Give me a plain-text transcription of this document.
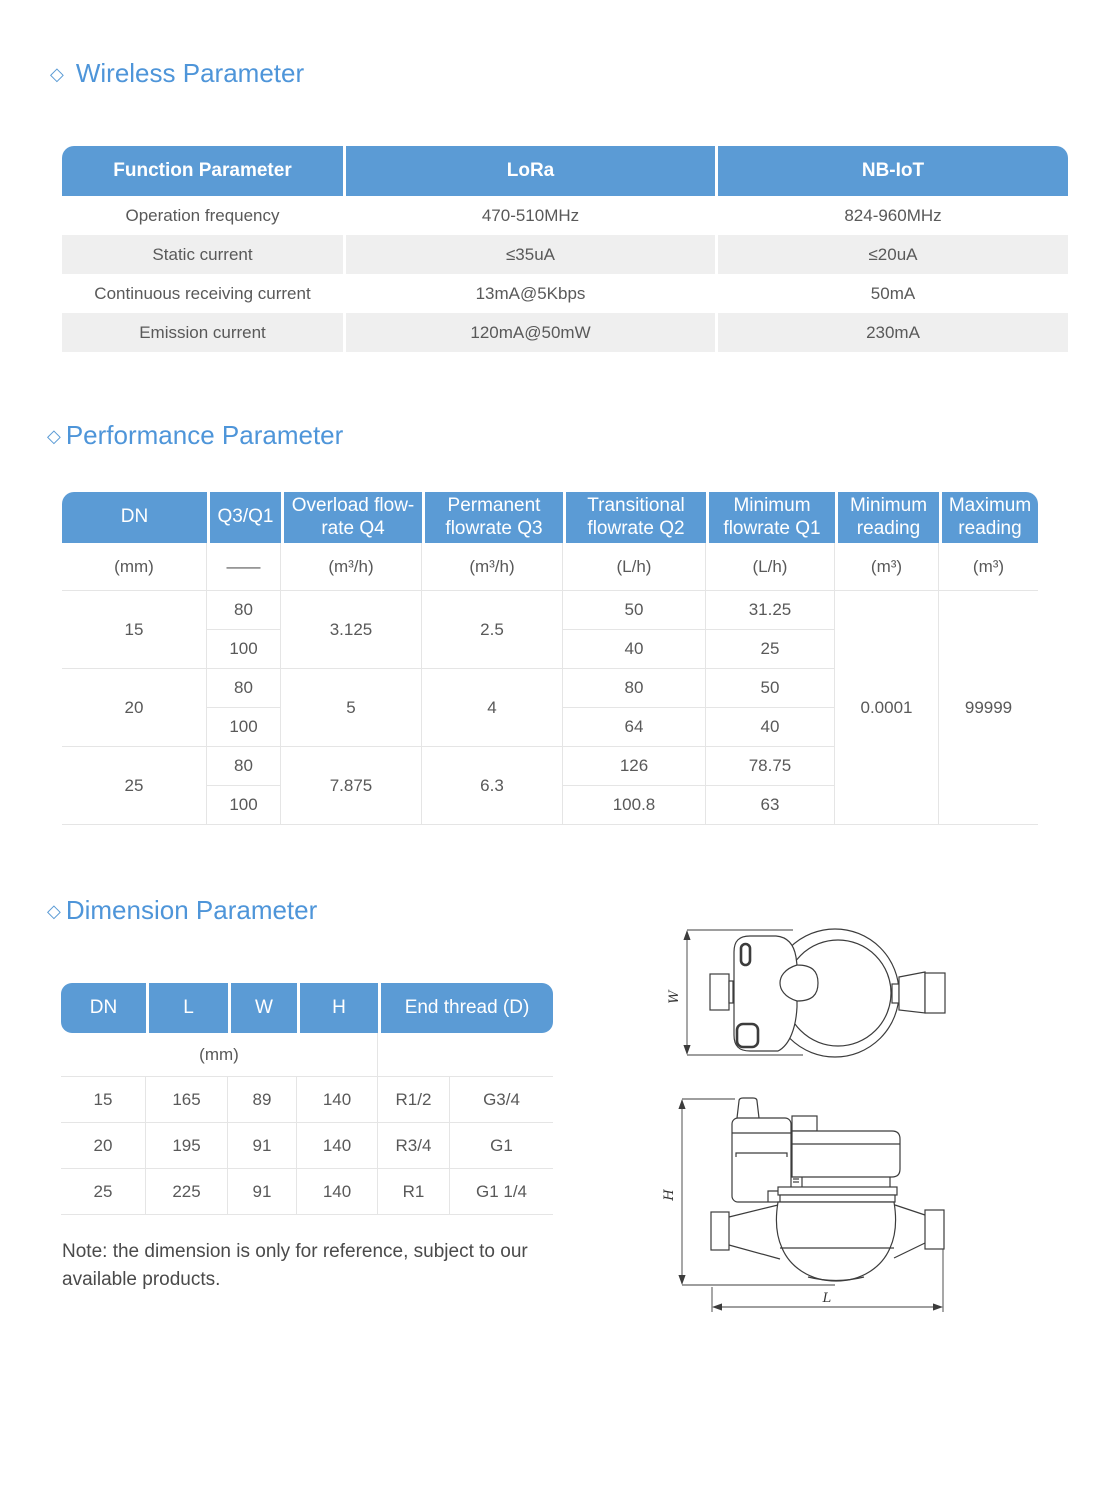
◇ Wireless Parameter
Function Parameter	LoRa	NB-IoT
Operation frequency	470-510MHz	824-960MHz
Static current	≤35uA	≤20uA
Continuous receiving current	13mA@5Kbps	50mA
Emission current	120mA@50mW	230mA
◇ Performance Parameter
DN	Q3/Q1	Overload flow-rate Q4	Permanent flowrate Q3	Transitional flowrate Q2	Minimum flowrate Q1	Minimum reading	Maximum reading
(mm)	——	(m³/h)	(m³/h)	(L/h)	(L/h)	(m³)	(m³)
15	80	3.125	2.5	50	31.25	0.0001	99999
	100			40	25		
20	80	5	4	80	50		
	100			64	40		
25	80	7.875	6.3	126	78.75		
	100			100.8	63		
◇ Dimension Parameter
DN	L	W	H	End thread (D)	
(mm)					
15	165	89	140	R1/2	G3/4
20	195	91	140	R3/4	G1
25	225	91	140	R1	G1 1/4
Note: the dimension is only for reference, subject to our
available products.
W
H
L
